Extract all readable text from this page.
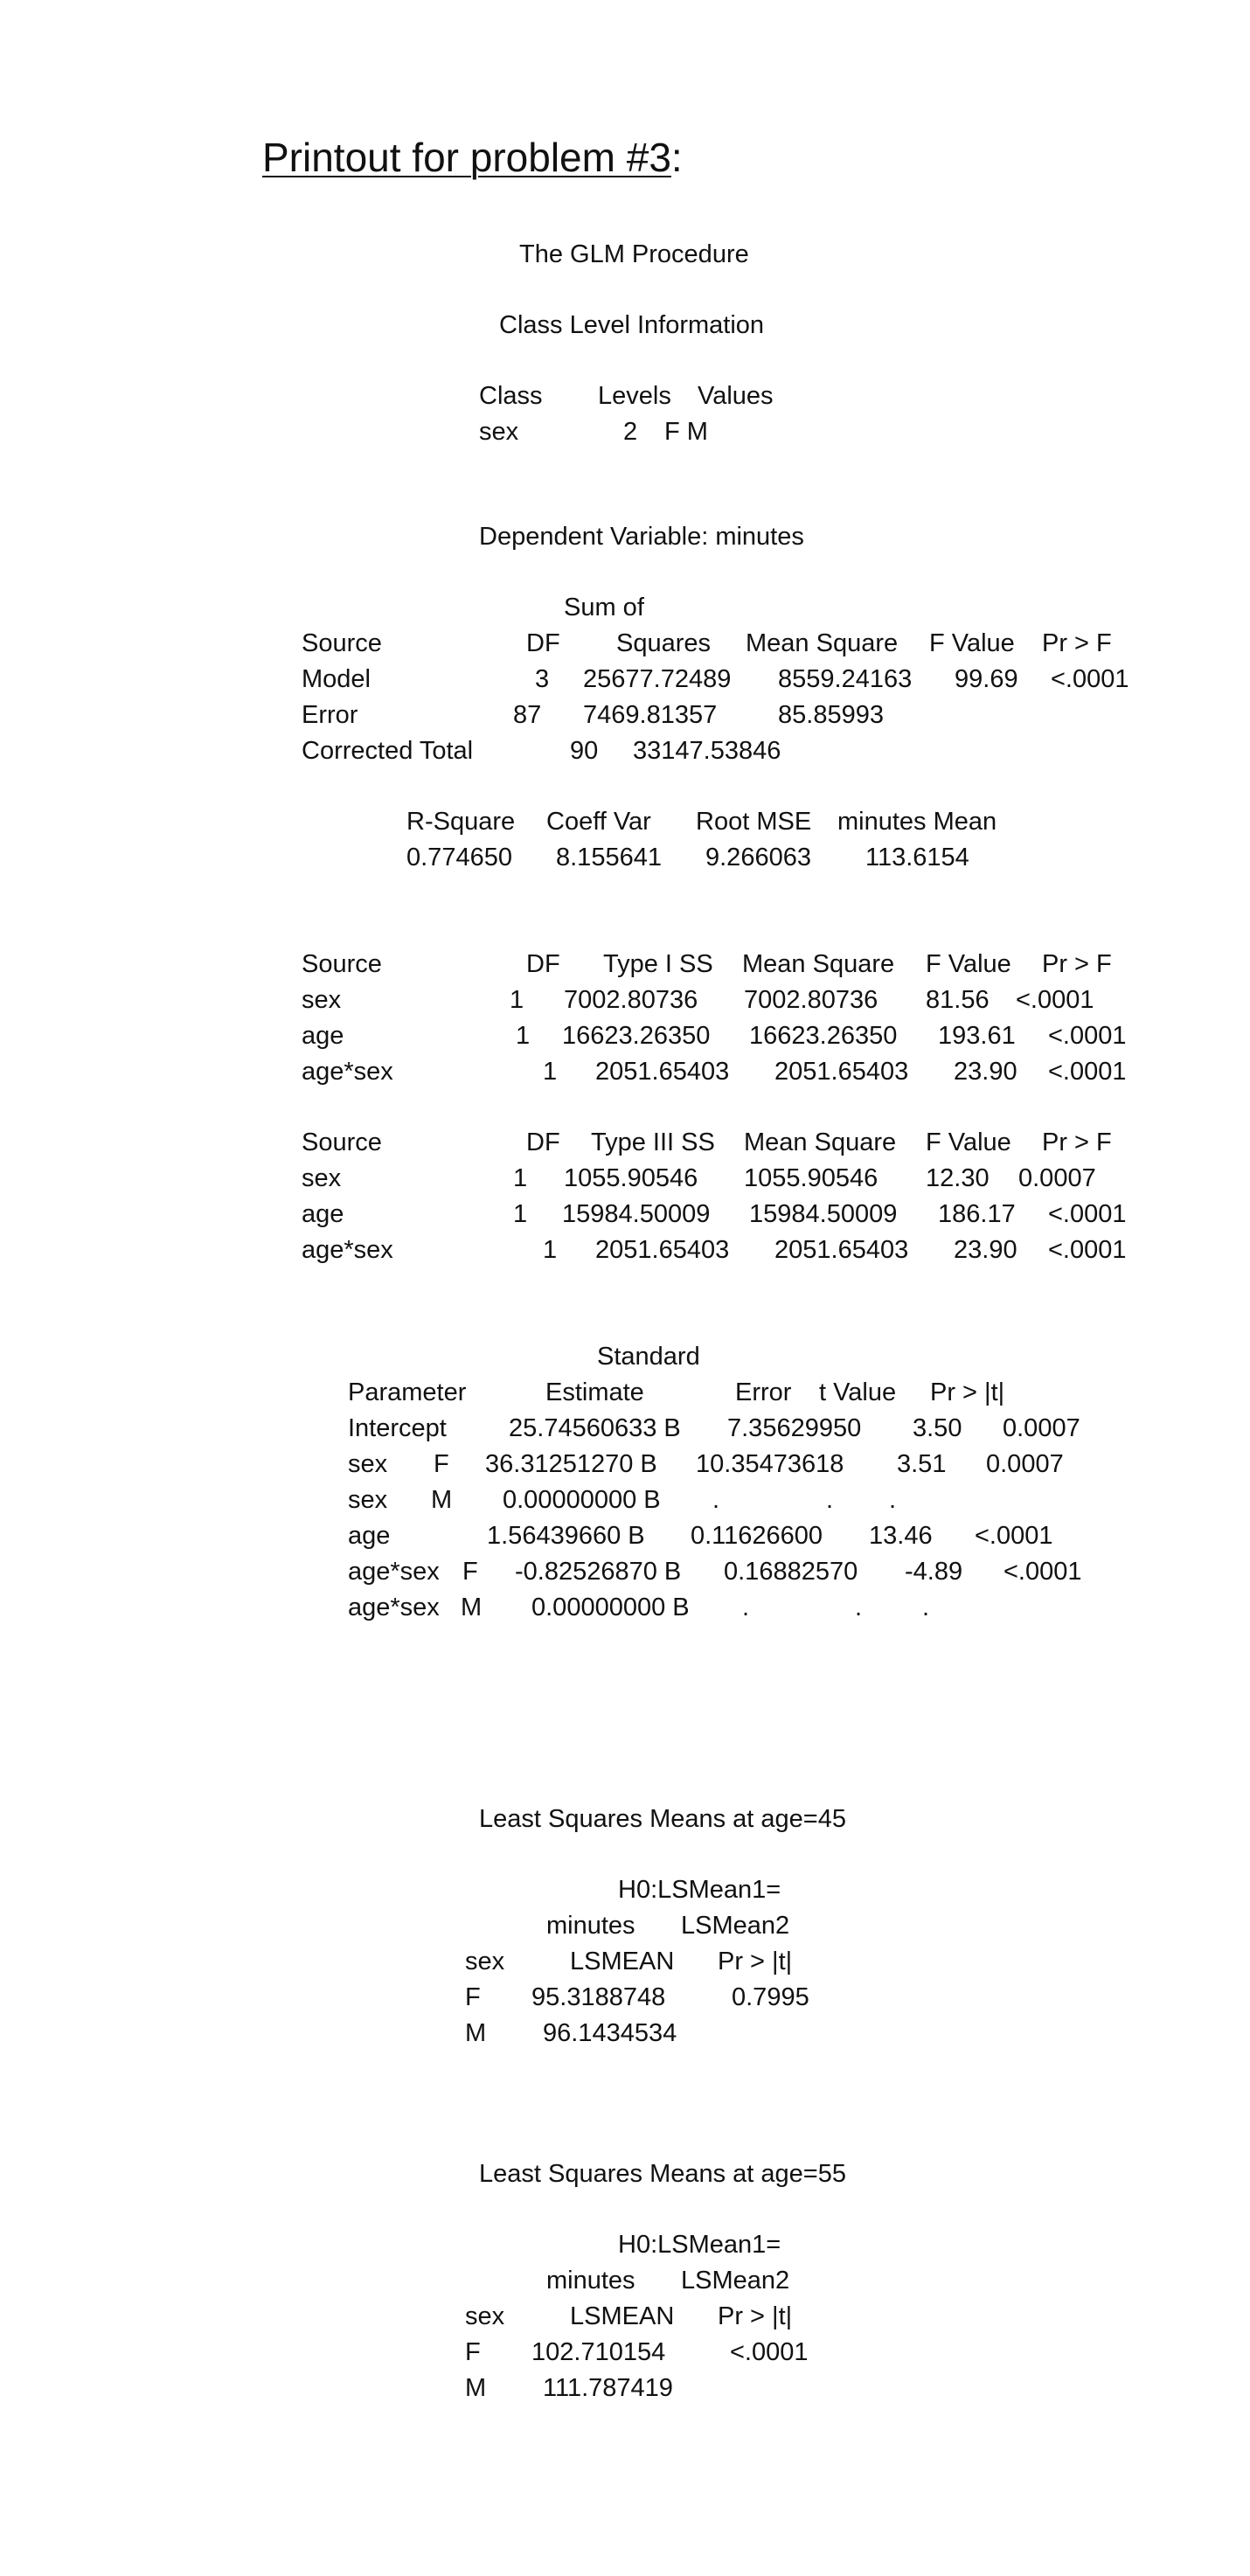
Printout for problem #3:
The GLM Procedure
Class Level Information
Class Levels Values
sex	2 F M
Dependent Variable: minutes
Sum of
Source	DF Squares Mean Square F Value Pr > F
Model	3 25677.72489 8559.24163 99.69 <.0001
Error	87 7469.81357 85.85993
Corrected Total	90 33147.53846
R-Square Coeff Var Root MSE minutes Mean
0.774650 8.155641 9.266063 113.6154
Source	DF Type I SS Mean Square F Value Pr > F
sex	1 7002.80736 7002.80736 81.56 <.0001
age	1 16623.26350 16623.26350 193.61 <.0001
age*sex	1 2051.65403 2051.65403 23.90 <.0001
Source	DF Type III SS Mean Square F Value Pr > F
sex	1 1055.90546 1055.90546 12.30 0.0007
age	1 15984.50009 15984.50009 186.17 <.0001
age*sex	1 2051.65403 2051.65403 23.90 <.0001
Standard
Parameter	Estimate	Error t Value Pr > |t|
Intercept 25.74560633 B 7.35629950 3.50 0.0007
sex F 36.31251270 B 10.35473618 3.51 0.0007
sex M 0.00000000 B .	. .
age	1.56439660 B 0.11626600 13.46 <.0001
age*sex F -0.82526870 B 0.16882570 -4.89 <.0001
age*sex M 0.00000000 B .	. .
Least Squares Means at age=45
H0:LSMean1=
minutes LSMean2
sex	LSMEAN Pr > |t|
F 95.3188748	0.7995
M 96.1434534
Least Squares Means at age=55
H0:LSMean1=
minutes LSMean2
sex	LSMEAN Pr > |t|
F 102.710154	<.0001
M 111.787419
